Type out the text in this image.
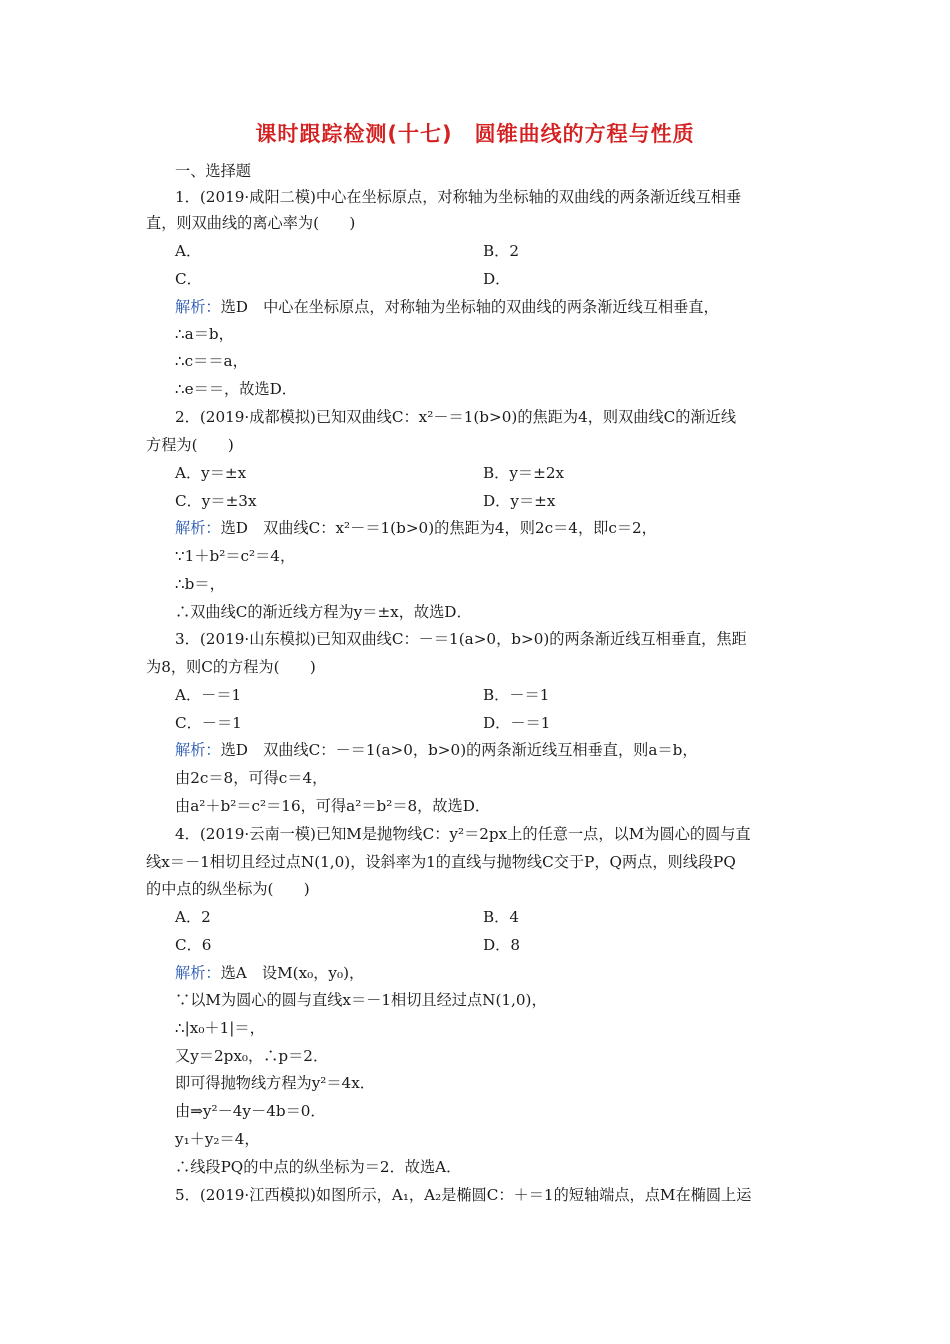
课时跟踪检测(十七)　圆锥曲线的方程与性质
一、选择题
1．(2019·咸阳二模)中心在坐标原点，对称轴为坐标轴的双曲线的两条渐近线互相垂
直，则双曲线的离心率为(　　)
A．	B．2
C．	D．
解析：选D　中心在坐标原点，对称轴为坐标轴的双曲线的两条渐近线互相垂直，
∴a＝b，
∴c＝＝a，
∴e＝＝，故选D．
2．(2019·成都模拟)已知双曲线C：x²－＝1(b>0)的焦距为4，则双曲线C的渐近线
方程为(　　)
A．y＝±x	B．y＝±2x
C．y＝±3x	D．y＝±x
解析：选D　双曲线C：x²－＝1(b>0)的焦距为4，则2c＝4，即c＝2，
∵1＋b²＝c²＝4，
∴b＝，
∴双曲线C的渐近线方程为y＝±x，故选D．
3．(2019·山东模拟)已知双曲线C：－＝1(a>0，b>0)的两条渐近线互相垂直，焦距
为8，则C的方程为(　　)
A．－＝1	B．－＝1
C．－＝1	D．－＝1
解析：选D　双曲线C：－＝1(a>0，b>0)的两条渐近线互相垂直，则a＝b，
由2c＝8，可得c＝4，
由a²＋b²＝c²＝16，可得a²＝b²＝8，故选D．
4．(2019·云南一模)已知M是抛物线C：y²＝2px上的任意一点，以M为圆心的圆与直
线x＝－1相切且经过点N(1,0)，设斜率为1的直线与抛物线C交于P，Q两点，则线段PQ
的中点的纵坐标为(　　)
A．2	B．4
C．6	D．8
解析：选A　设M(x₀，y₀)，
∵以M为圆心的圆与直线x＝－1相切且经过点N(1,0)，
∴|x₀＋1|＝，
又y＝2px₀，∴p＝2．
即可得抛物线方程为y²＝4x．
由⇒y²－4y－4b＝0．
y₁＋y₂＝4，
∴线段PQ的中点的纵坐标为＝2．故选A．
5．(2019·江西模拟)如图所示，A₁，A₂是椭圆C：＋＝1的短轴端点，点M在椭圆上运
